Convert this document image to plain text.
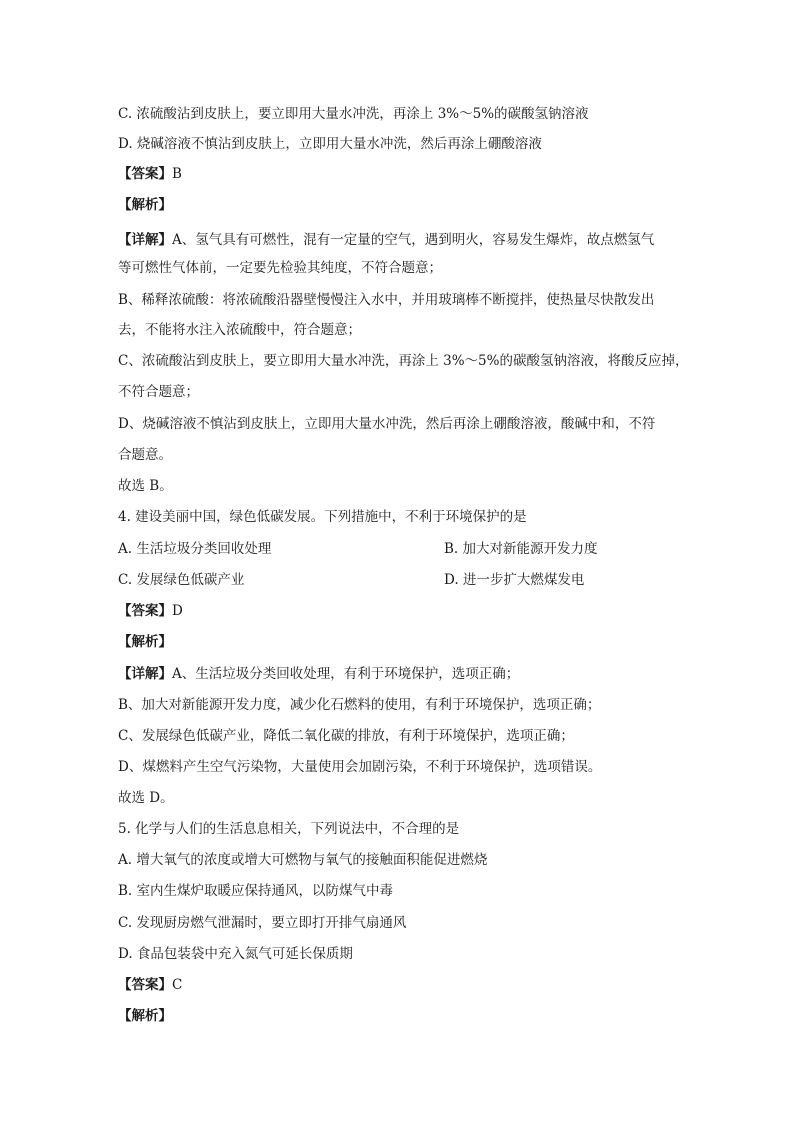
C. 浓硫酸沾到皮肤上，要立即用大量水冲洗，再涂上 3%～5%的碳酸氢钠溶液
D. 烧碱溶液不慎沾到皮肤上，立即用大量水冲洗，然后再涂上硼酸溶液
【答案】B
【解析】
【详解】A、氢气具有可燃性，混有一定量的空气，遇到明火，容易发生爆炸，故点燃氢气
等可燃性气体前，一定要先检验其纯度，不符合题意；
B、稀释浓硫酸：将浓硫酸沿器壁慢慢注入水中，并用玻璃棒不断搅拌，使热量尽快散发出
去，不能将水注入浓硫酸中，符合题意；
C、浓硫酸沾到皮肤上，要立即用大量水冲洗，再涂上 3%～5%的碳酸氢钠溶液，将酸反应掉，
不符合题意；
D、烧碱溶液不慎沾到皮肤上，立即用大量水冲洗，然后再涂上硼酸溶液，酸碱中和，不符
合题意。
故选 B。
4. 建设美丽中国，绿色低碳发展。下列措施中，不利于环境保护的是
A. 生活垃圾分类回收处理	B. 加大对新能源开发力度
C. 发展绿色低碳产业	D. 进一步扩大燃煤发电
【答案】D
【解析】
【详解】A、生活垃圾分类回收处理，有利于环境保护，选项正确；
B、加大对新能源开发力度，减少化石燃料的使用，有利于环境保护，选项正确；
C、发展绿色低碳产业，降低二氧化碳的排放，有利于环境保护，选项正确；
D、煤燃料产生空气污染物，大量使用会加剧污染，不利于环境保护，选项错误。
故选 D。
5. 化学与人们的生活息息相关，下列说法中，不合理的是
A. 增大氧气的浓度或增大可燃物与氧气的接触面积能促进燃烧
B. 室内生煤炉取暖应保持通风，以防煤气中毒
C. 发现厨房燃气泄漏时，要立即打开排气扇通风
D. 食品包装袋中充入氮气可延长保质期
【答案】C
【解析】
